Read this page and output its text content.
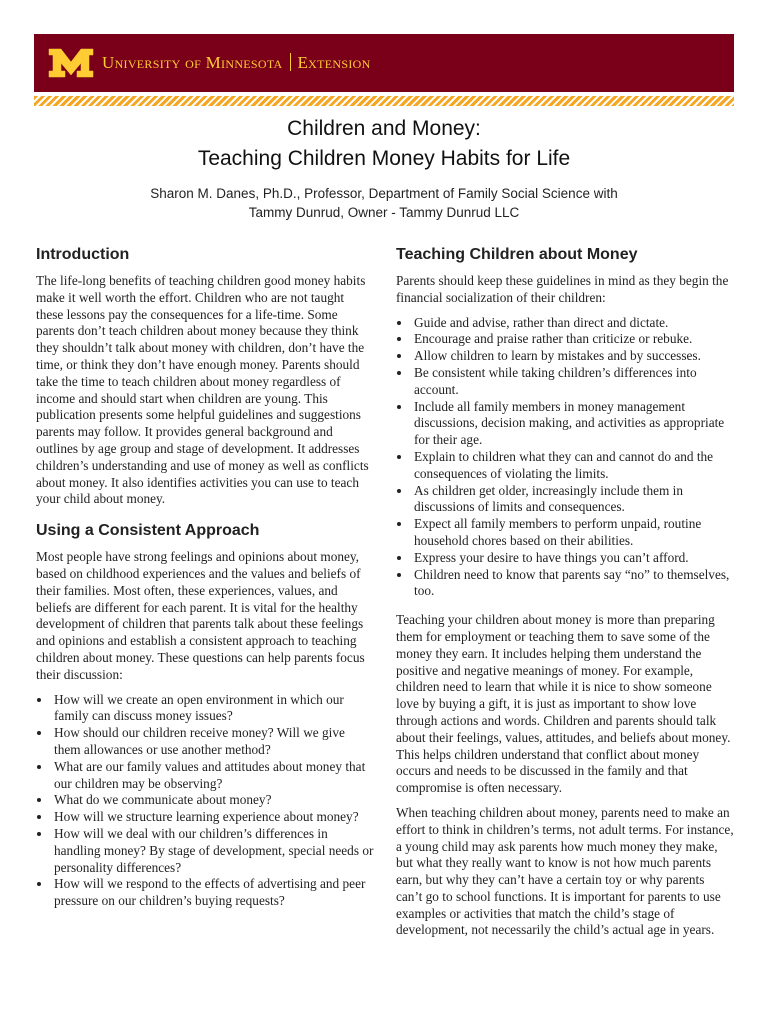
University of Minnesota Extension
Children and Money:
Teaching Children Money Habits for Life
Sharon M. Danes, Ph.D., Professor, Department of Family Social Science with
Tammy Dunrud, Owner - Tammy Dunrud LLC
Introduction

The life-long benefits of teaching children good money habits make it well worth the effort. Children who are not taught these lessons pay the consequences for a life-time. Some parents don’t teach children about money because they think they shouldn’t talk about money with children, don’t have the time, or think they don’t have enough money. Parents should take the time to teach children about money regardless of income and should start when children are young. This publication presents some helpful guidelines and suggestions parents may follow. It provides general background and outlines by age group and stage of development. It addresses children’s understanding and use of money as well as conflicts about money. It also identifies activities you can use to teach your child about money.

Using a Consistent Approach

Most people have strong feelings and opinions about money, based on childhood experiences and the values and beliefs of their families. Most often, these experiences, values, and beliefs are different for each parent. It is vital for the healthy development of children that parents talk about these feelings and opinions and establish a consistent approach to teaching children about money. These questions can help parents focus their discussion:

• How will we create an open environment in which our family can discuss money issues?
• How should our children receive money? Will we give them allowances or use another method?
• What are our family values and attitudes about money that our children may be observing?
• What do we communicate about money?
• How will we structure learning experience about money?
• How will we deal with our children’s differences in handling money? By stage of development, special needs or personality differences?
• How will we respond to the effects of advertising and peer pressure on our children’s buying requests?
Teaching Children about Money

Parents should keep these guidelines in mind as they begin the financial socialization of their children:

• Guide and advise, rather than direct and dictate.
• Encourage and praise rather than criticize or rebuke.
• Allow children to learn by mistakes and by successes.
• Be consistent while taking children’s differences into account.
• Include all family members in money management discussions, decision making, and activities as appropriate for their age.
• Explain to children what they can and cannot do and the consequences of violating the limits.
• As children get older, increasingly include them in discussions of limits and consequences.
• Expect all family members to perform unpaid, routine household chores based on their abilities.
• Express your desire to have things you can’t afford.
• Children need to know that parents say “no” to themselves, too.

Teaching your children about money is more than preparing them for employment or teaching them to save some of the money they earn. It includes helping them understand the positive and negative meanings of money. For example, children need to learn that while it is nice to show someone love by buying a gift, it is just as important to show love through actions and words. Children and parents should talk about their feelings, values, attitudes, and beliefs about money. This helps children understand that conflict about money occurs and needs to be discussed in the family and that compromise is often necessary.

When teaching children about money, parents need to make an effort to think in children’s terms, not adult terms. For instance, a young child may ask parents how much money they make, but what they really want to know is not how much parents earn, but why they can’t have a certain toy or why parents can’t go to school functions. It is important for parents to use examples or activities that match the child’s stage of development, not necessarily the child’s actual age in years.
